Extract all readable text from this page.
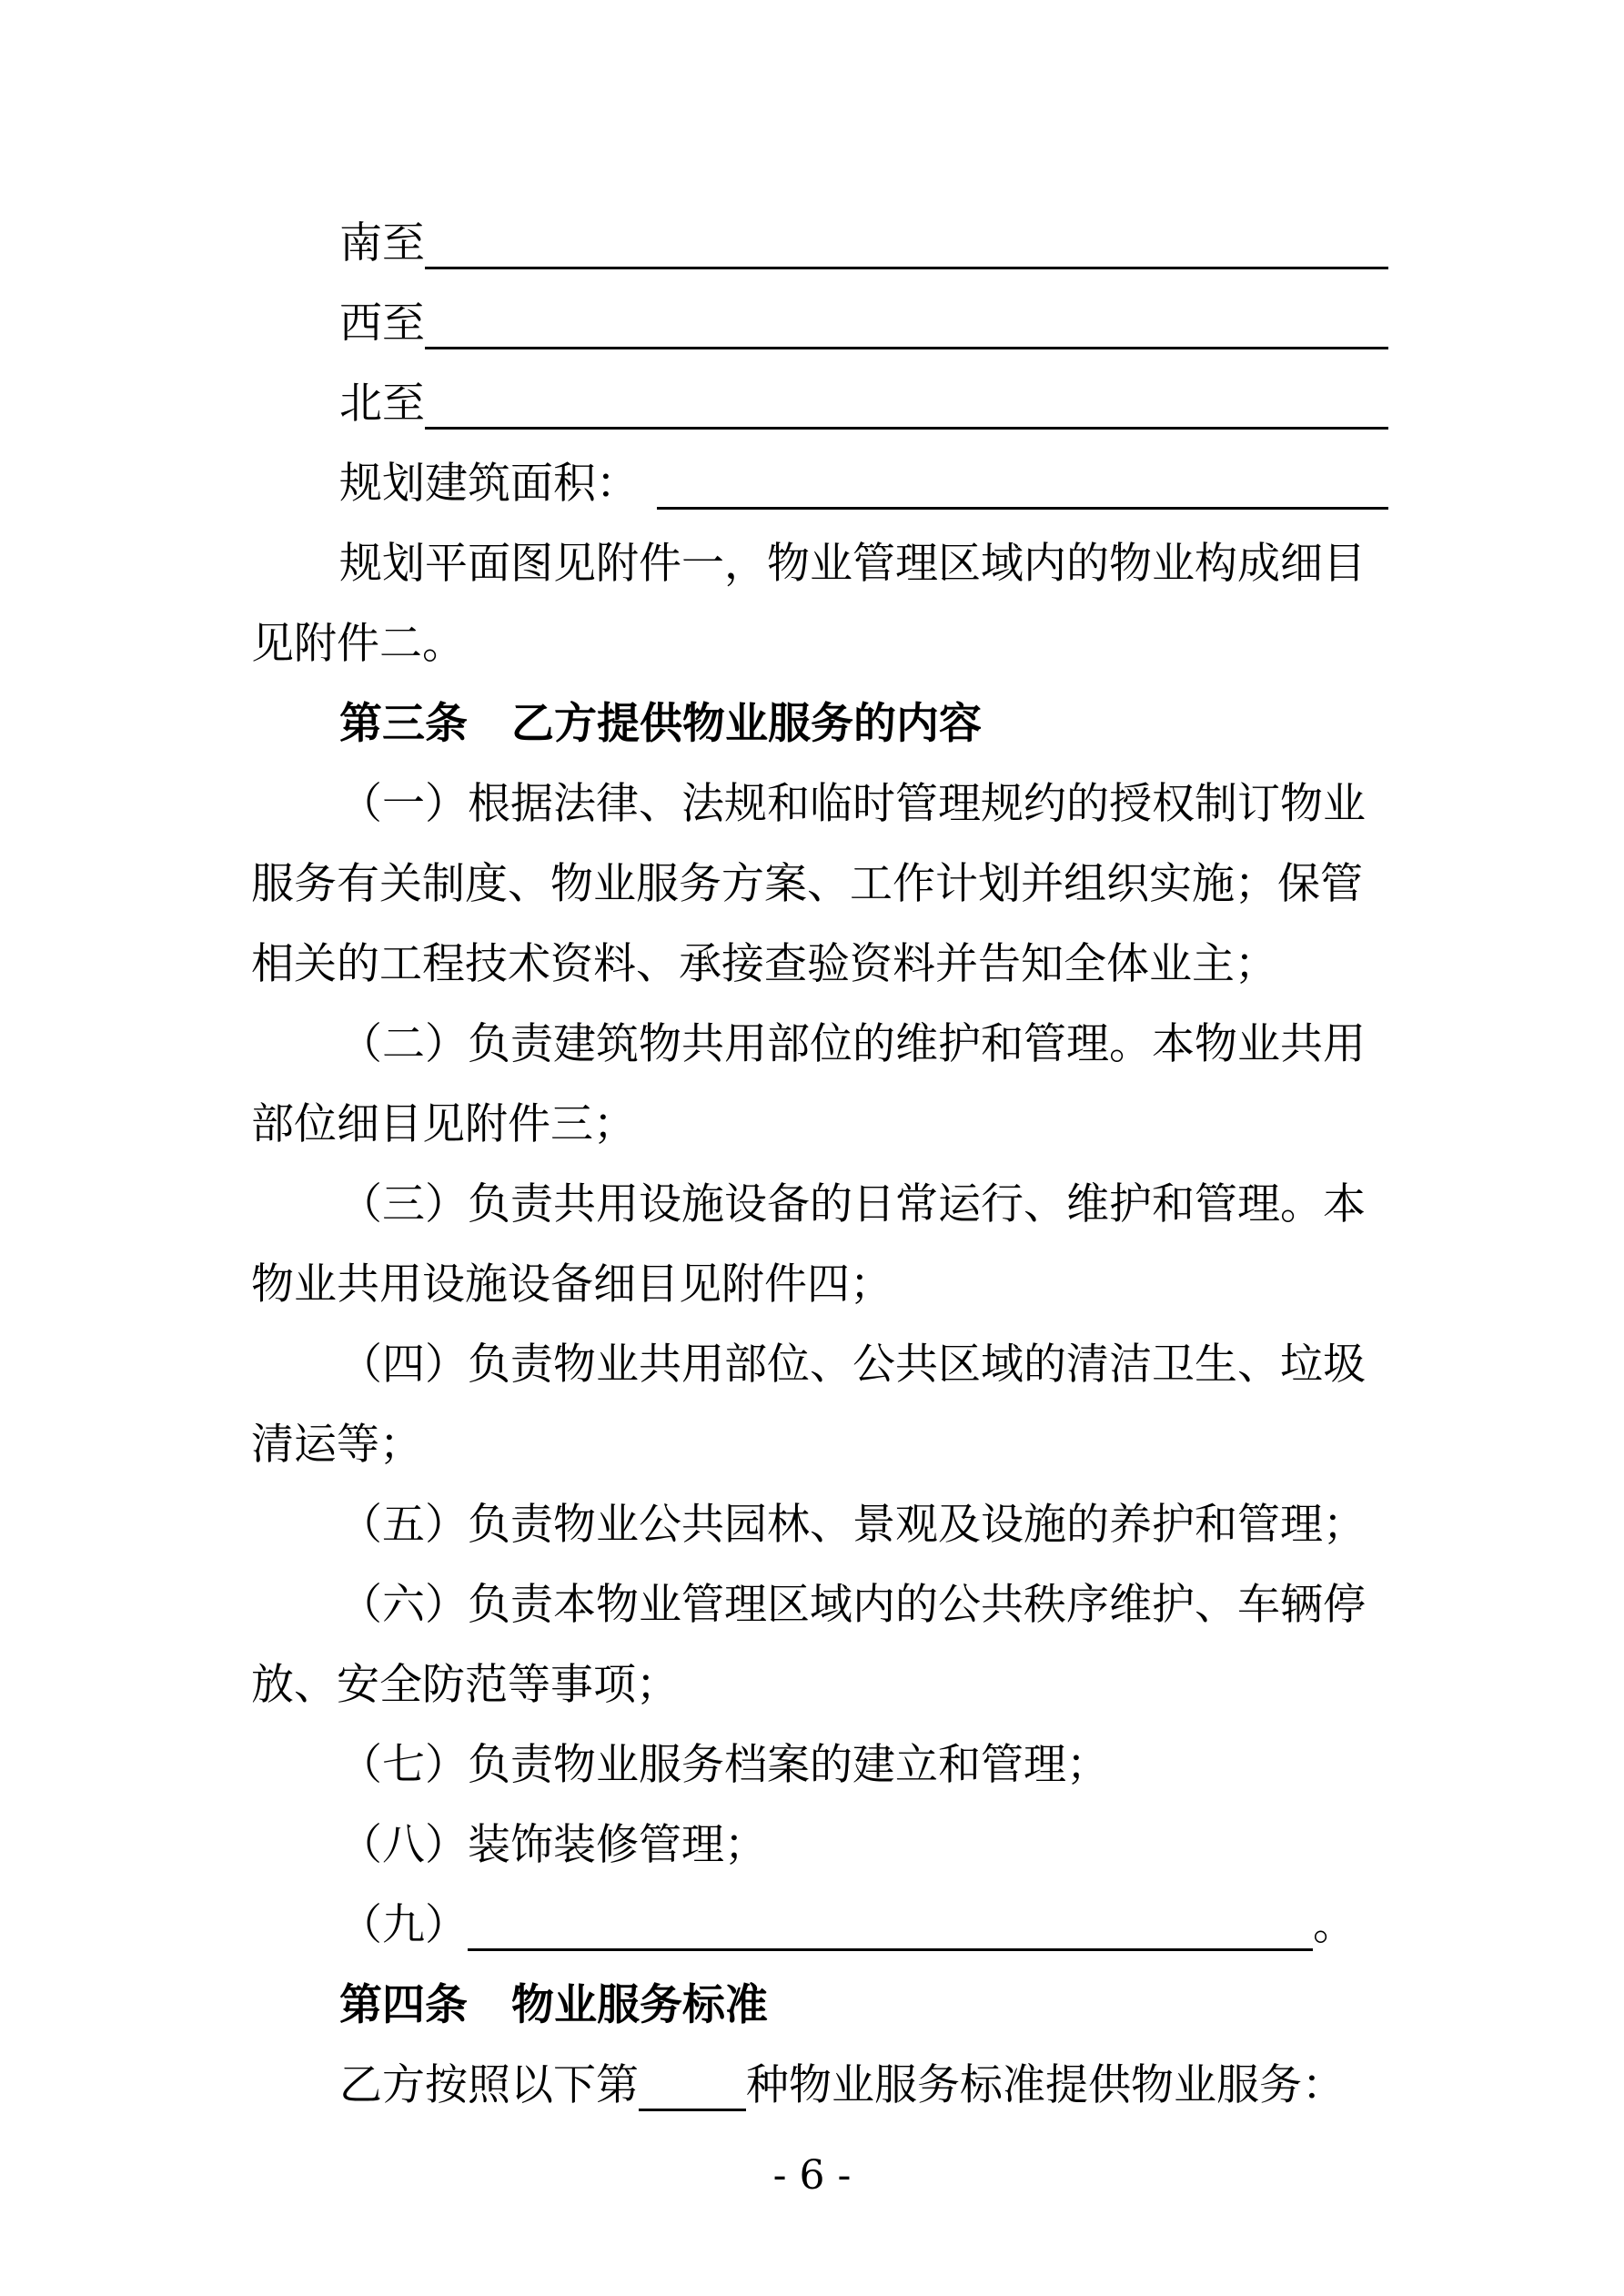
南至
西至
北至
规划建筑面积：
规划平面图见附件一，物业管理区域内的物业构成细目
见附件二。
第三条 乙方提供物业服务的内容
（一）根据法律、法规和临时管理规约的授权制订物业
服务有关制度、物业服务方案、工作计划并组织实施；保管
相关的工程技术资料、承接查验资料并告知全体业主；
（二）负责建筑物共用部位的维护和管理。本物业共用
部位细目见附件三；
（三）负责共用设施设备的日常运行、维护和管理。本
物业共用设施设备细目见附件四；
（四）负责物业共用部位、公共区域的清洁卫生、垃圾
清运等；
（五）负责物业公共园林、景观及设施的养护和管理；
（六）负责本物业管理区域内的公共秩序维护、车辆停
放、安全防范等事项；
（七）负责物业服务档案的建立和管理；
（八）装饰装修管理；
（九）	。
第四条 物业服务标准
乙方按照以下第	种物业服务标准提供物业服务：
- 6 -
